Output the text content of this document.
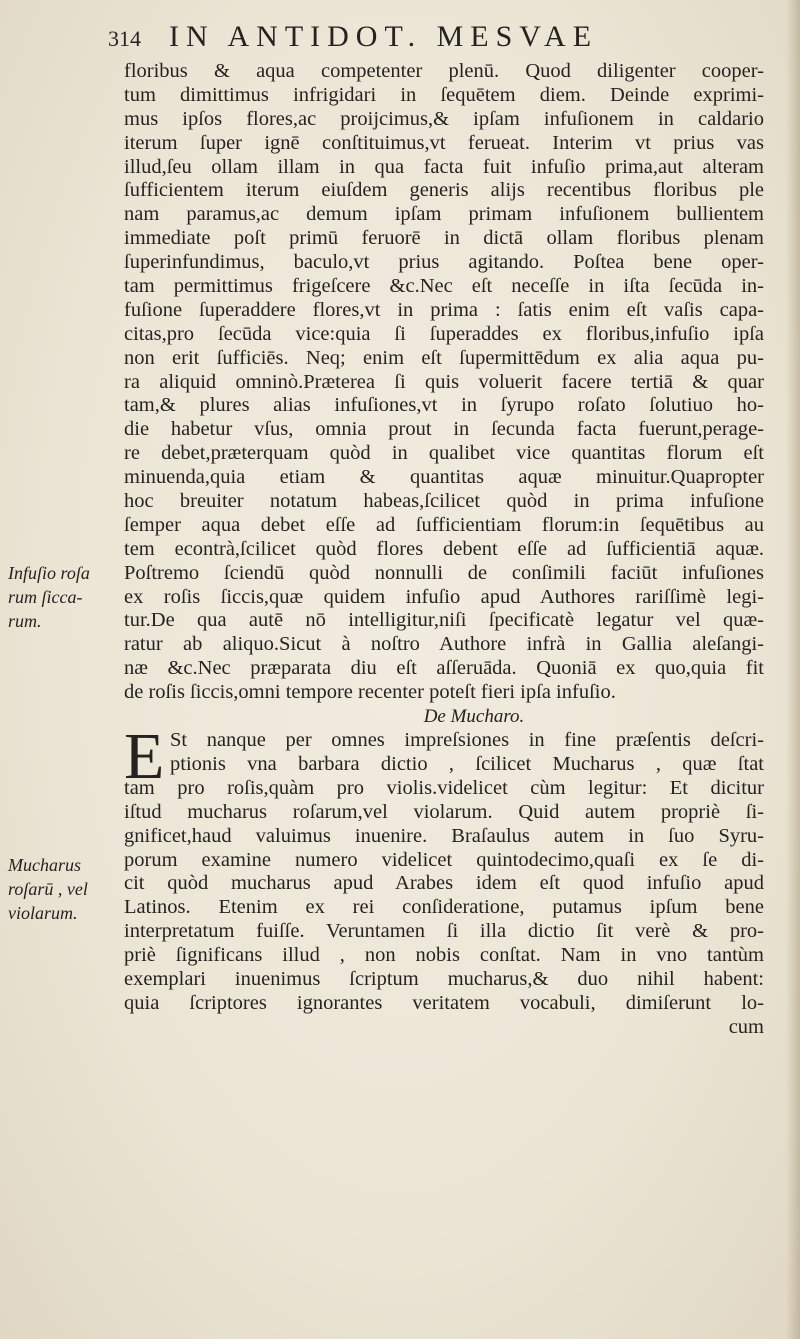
314 IN ANTIDOT. MESVAE
floribus & aqua competenter plenū. Quod diligenter cooper-
tum dimittimus infrigidari in ſequētem diem. Deinde exprimi-
mus ipſos flores,ac proijcimus,& ipſam infuſionem in caldario
iterum ſuper ignē conſtituimus,vt ferueat. Interim vt prius vas
illud,ſeu ollam illam in qua facta fuit infuſio prima,aut alteram
ſufficientem iterum eiuſdem generis alijs recentibus floribus ple
nam paramus,ac demum ipſam primam infuſionem bullientem
immediate poſt primū feruorē in dictā ollam floribus plenam
ſuperinfundimus, baculo,vt prius agitando. Poſtea bene oper-
tam permittimus frigeſcere &c.Nec eſt neceſſe in iſta ſecūda in-
fuſione ſuperaddere flores,vt in prima : ſatis enim eſt vaſis capa-
citas,pro ſecūda vice:quia ſi ſuperaddes ex floribus,infuſio ipſa
non erit ſufficiēs. Neq; enim eſt ſupermittēdum ex alia aqua pu-
ra aliquid omninò.Præterea ſi quis voluerit facere tertiā & quar
tam,& plures alias infuſiones,vt in ſyrupo roſato ſolutiuo ho-
die habetur vſus, omnia prout in ſecunda facta fuerunt,perage-
re debet,prӕterquam quòd in qualibet vice quantitas florum eſt
minuenda,quia etiam & quantitas aquӕ minuitur.Quapropter
hoc breuiter notatum habeas,ſcilicet quòd in prima infuſione
ſemper aqua debet eſſe ad ſufficientiam florum:in ſequētibus au
tem econtrà,ſcilicet quòd flores debent eſſe ad ſufficientiā aquӕ.
Poſtremo ſciendū quòd nonnulli de conſimili faciūt infuſiones
ex roſis ſiccis,quӕ quidem infuſio apud Authores rariſſimè legi-
tur.De qua autē nō intelligitur,niſi ſpecificatè legatur vel quӕ-
ratur ab aliquo.Sicut à noſtro Authore infrà in Gallia aleſangi-
nӕ &c.Nec prӕparata diu eſt aſſeruāda. Quoniā ex quo,quia fit
de roſis ſiccis,omni tempore recenter poteſt fieri ipſa infuſio.
De Mucharo.
E St nanque per omnes impreſsiones in fine prӕſentis deſcri-
ptionis vna barbara dictio , ſcilicet Mucharus , quӕ ſtat
tam pro roſis,quàm pro violis.videlicet cùm legitur: Et dicitur
iſtud mucharus roſarum,vel violarum. Quid autem propriè ſi-
gnificet,haud valuimus inuenire. Braſaulus autem in ſuo Syru-
porum examine numero videlicet quintodecimo,quaſi ex ſe di-
cit quòd mucharus apud Arabes idem eſt quod infuſio apud
Latinos. Etenim ex rei conſideratione, putamus ipſum bene
interpretatum fuiſſe. Veruntamen ſi illa dictio ſit verè & pro-
priè ſignificans illud , non nobis conſtat. Nam in vno tantùm
exemplari inuenimus ſcriptum mucharus,& duo nihil habent:
quia ſcriptores ignorantes veritatem vocabuli, dimiſerunt lo-
cum
Infuſio roſa
rum ſicca-
rum.
Mucharus
roſarū , vel
violarum.
